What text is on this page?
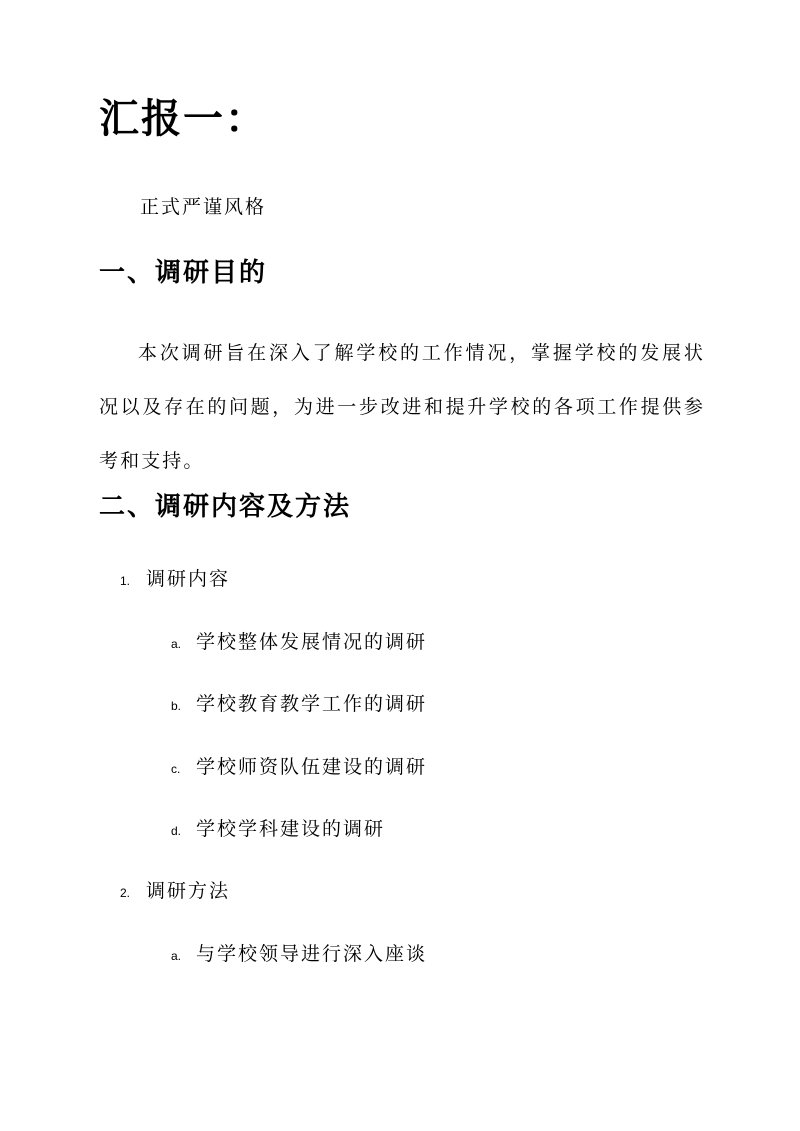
汇报一：
正式严谨风格
一、调研目的
本次调研旨在深入了解学校的工作情况，掌握学校的发展状况以及存在的问题，为进一步改进和提升学校的各项工作提供参考和支持。
二、调研内容及方法
1. 调研内容
a. 学校整体发展情况的调研
b. 学校教育教学工作的调研
c. 学校师资队伍建设的调研
d. 学校学科建设的调研
2. 调研方法
a. 与学校领导进行深入座谈
